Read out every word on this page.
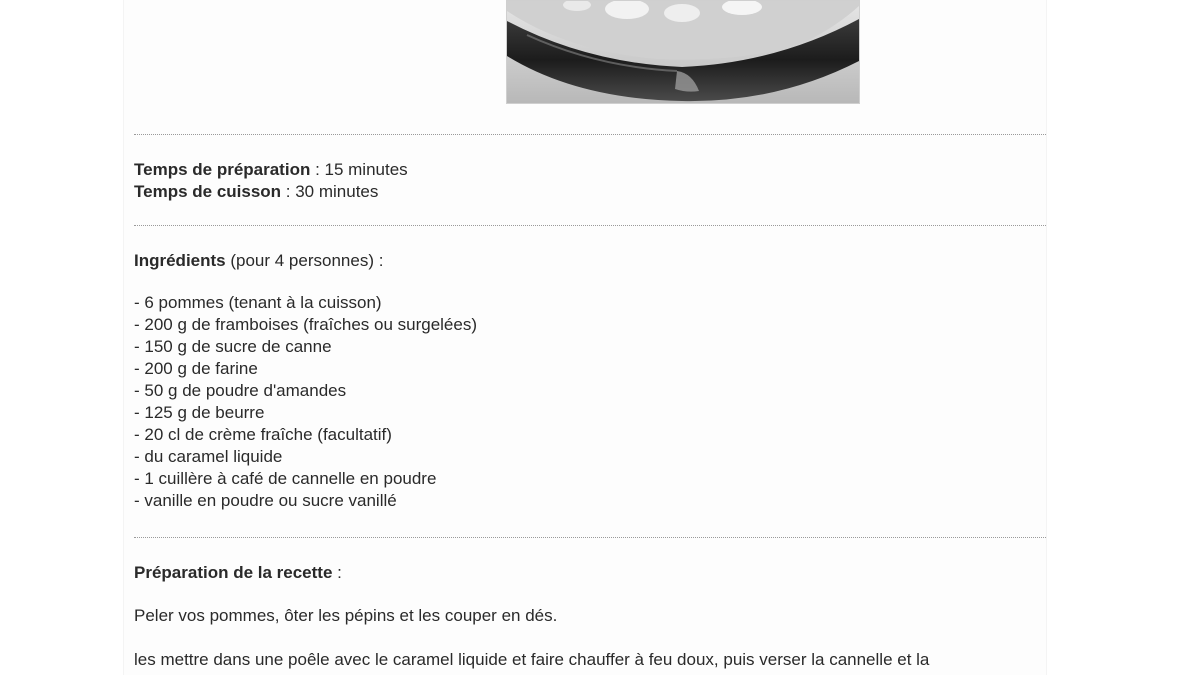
Temps de préparation : 15 minutes
Temps de cuisson : 30 minutes
Ingrédients (pour 4 personnes) :
- 6 pommes (tenant à la cuisson)
- 200 g de framboises (fraîches ou surgelées)
- 150 g de sucre de canne
- 200 g de farine
- 50 g de poudre d'amandes
- 125 g de beurre
- 20 cl de crème fraîche (facultatif)
- du caramel liquide
- 1 cuillère à café de cannelle en poudre
- vanille en poudre ou sucre vanillé
Préparation de la recette :
Peler vos pommes, ôter les pépins et les couper en dés.
les mettre dans une poêle avec le caramel liquide et faire chauffer à feu doux, puis verser la cannelle et la
